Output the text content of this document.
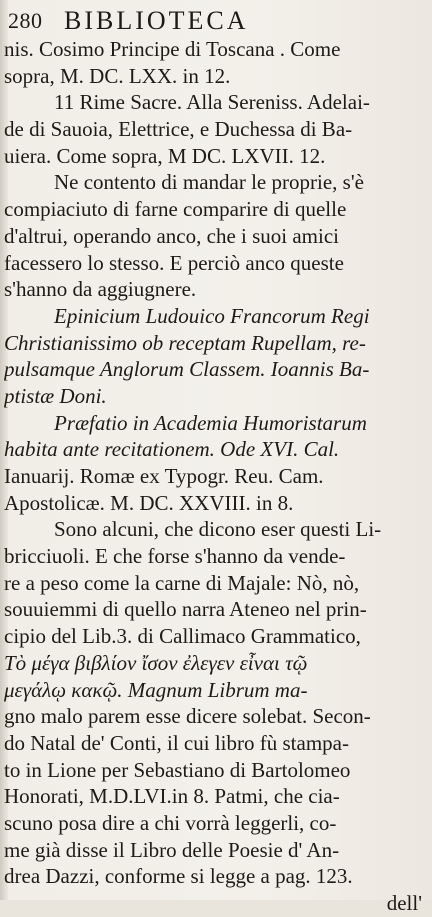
280 BIBLIOTECA
nis. Cosimo Principe di Toscana . Come
sopra, M. DC. LXX. in 12.
11 Rime Sacre. Alla Sereniss. Adelai-
de di Sauoia, Elettrice, e Duchessa di Ba-
uiera. Come sopra, M DC. LXVII. 12.
Ne contento di mandar le proprie, s'è
compiaciuto di farne comparire di quelle
d'altrui, operando anco, che i suoi amici
facessero lo stesso. E perciò anco queste
s'hanno da aggiugnere.
Epinicium Ludouico Francorum Regi
Christianissimo ob receptam Rupellam, re-
pulsamque Anglorum Classem. Ioannis Ba-
ptistæ Doni.
Præfatio in Academia Humoristarum
habita ante recitationem. Ode XVI. Cal.
Ianuarij. Romæ ex Typogr. Reu. Cam.
Apostolicæ. M. DC. XXVIII. in 8.
Sono alcuni, che dicono eser questi Li-
bricciuoli. E che forse s'hanno da vende-
re a peso come la carne di Majale: Nò, nò,
souuiemmi di quello narra Ateneo nel prin-
cipio del Lib.3. di Callimaco Grammatico,
Τὸ μέγα βιβλίον ἴσον ἐλεγεν εἶναι τῷ
μεγάλῳ κακῷ. Magnum Librum ma-
gno malo parem esse dicere solebat. Secon-
do Natal de' Conti, il cui libro fù stampa-
to in Lione per Sebastiano di Bartolomeo
Honorati, M.D.LVI.in 8. Patmi, che cia-
scuno posa dire a chi vorrà leggerli, co-
me già disse il Libro delle Poesie d' An-
drea Dazzi, conforme si legge a pag. 123.
dell'
